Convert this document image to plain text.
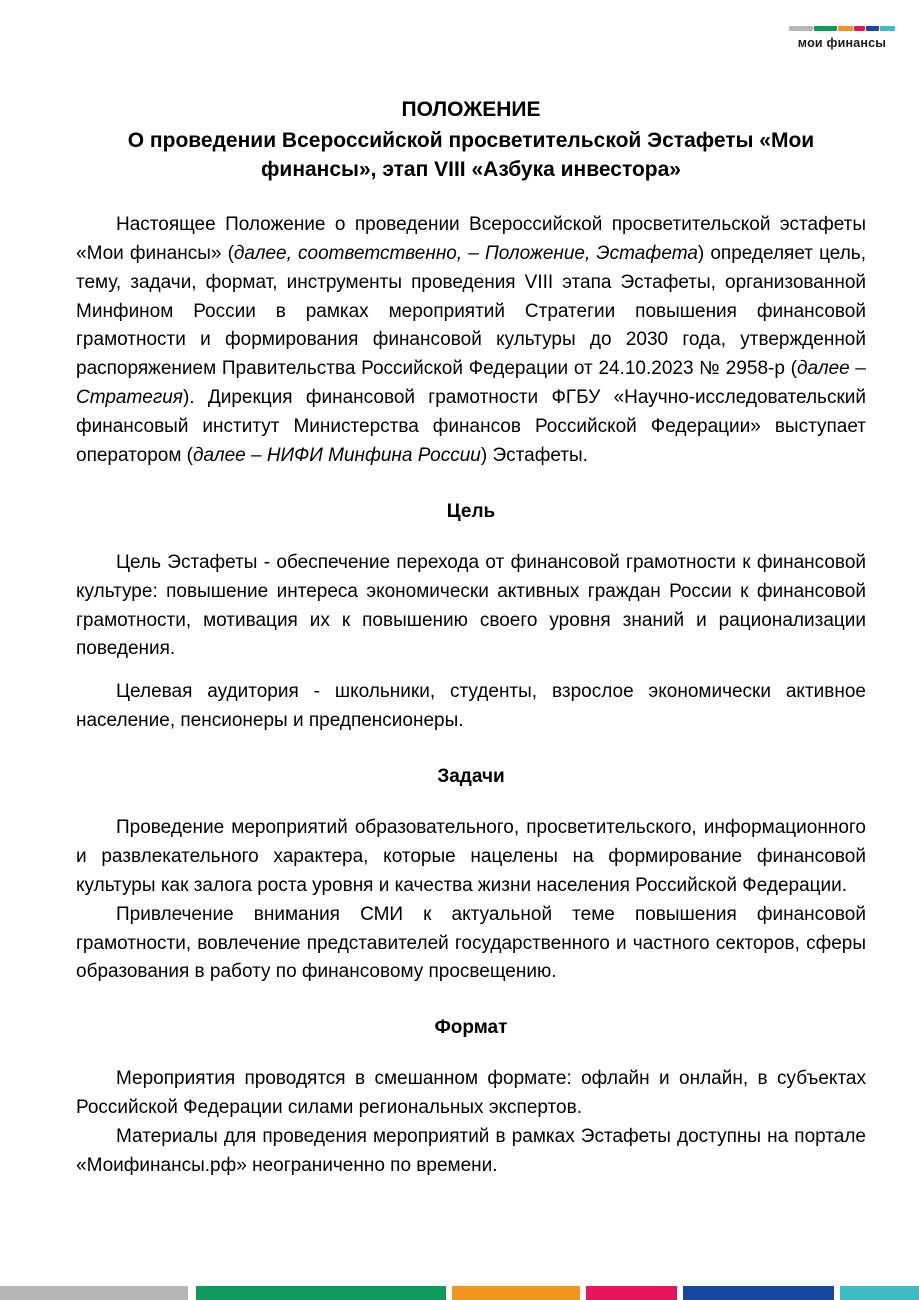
мои финансы
ПОЛОЖЕНИЕ
О проведении Всероссийской просветительской Эстафеты «Мои финансы», этап VIII «Азбука инвестора»

Настоящее Положение о проведении Всероссийской просветительской эстафеты «Мои финансы» (далее, соответственно, – Положение, Эстафета) определяет цель, тему, задачи, формат, инструменты проведения VIII этапа Эстафеты, организованной Минфином России в рамках мероприятий Стратегии повышения финансовой грамотности и формирования финансовой культуры до 2030 года, утвержденной распоряжением Правительства Российской Федерации от 24.10.2023 № 2958-р (далее – Стратегия). Дирекция финансовой грамотности ФГБУ «Научно-исследовательский финансовый институт Министерства финансов Российской Федерации» выступает оператором (далее – НИФИ Минфина России) Эстафеты.

Цель

Цель Эстафеты - обеспечение перехода от финансовой грамотности к финансовой культуре: повышение интереса экономически активных граждан России к финансовой грамотности, мотивация их к повышению своего уровня знаний и рационализации поведения.

Целевая аудитория - школьники, студенты, взрослое экономически активное население, пенсионеры и предпенсионеры.

Задачи

Проведение мероприятий образовательного, просветительского, информационного и развлекательного характера, которые нацелены на формирование финансовой культуры как залога роста уровня и качества жизни населения Российской Федерации.

Привлечение внимания СМИ к актуальной теме повышения финансовой грамотности, вовлечение представителей государственного и частного секторов, сферы образования в работу по финансовому просвещению.

Формат

Мероприятия проводятся в смешанном формате: офлайн и онлайн, в субъектах Российской Федерации силами региональных экспертов.

Материалы для проведения мероприятий в рамках Эстафеты доступны на портале «Моифинансы.рф» неограниченно по времени.
